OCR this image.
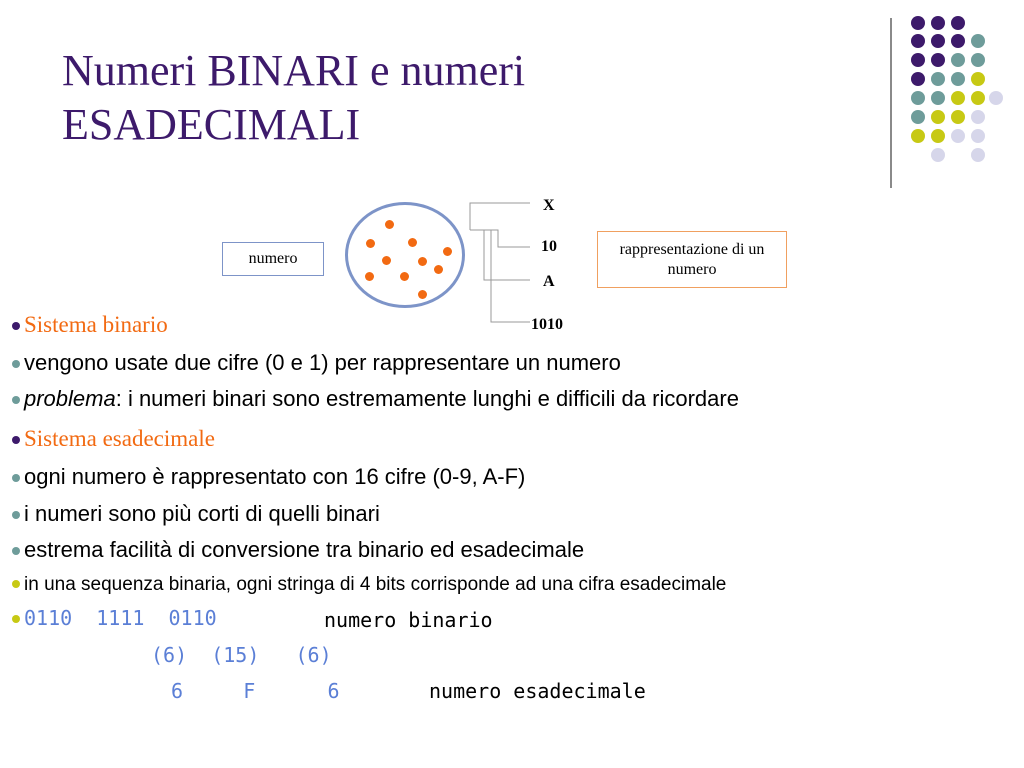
Numeri BINARI e numeri
ESADECIMALI
numero
X
10
A
1010
rappresentazione di un numero
Sistema binario
vengono usate due cifre (0 e 1) per rappresentare un numero
problema : i numeri binari sono estremamente lunghi e difficili da ricordare
Sistema esadecimale
ogni numero è rappresentato con 16 cifre (0-9, A-F)
i numeri sono più corti di quelli binari
estrema facilità di conversione tra binario ed esadecimale
in una sequenza binaria, ogni stringa di 4 bits corrisponde ad una cifra esadecimale
0110  1111  0110	numero binario
(6)  (15)   (6)
6     F      6	numero esadecimale
